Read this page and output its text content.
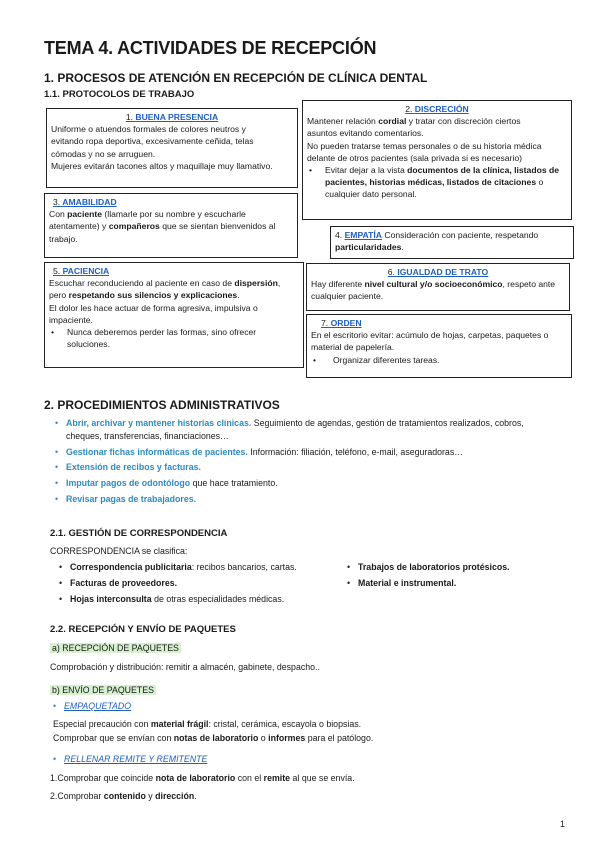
TEMA 4. ACTIVIDADES DE RECEPCIÓN
1. PROCESOS DE ATENCIÓN EN RECEPCIÓN DE CLÍNICA DENTAL
1.1. PROTOCOLOS DE TRABAJO
1. BUENA PRESENCIA
Uniforme o atuendos formales de colores neutros y
evitando ropa deportiva, excesivamente ceñida, telas
cómodas y no se arruguen.
Mujeres evitarán tacones altos y maquillaje muy llamativo.
2. DISCRECIÓN
Mantener relación cordial y tratar con discreción ciertos
asuntos evitando comentarios.
No pueden tratarse temas personales o de su historia médica
delante de otros pacientes (sala privada si es necesario)
• Evitar dejar a la vista documentos de la clínica, listados de pacientes, historias médicas, listados de citaciones o cualquier dato personal.
3. AMABILIDAD
Con paciente (llamarle por su nombre y escucharle atentamente) y compañeros que se sientan bienvenidos al trabajo.	4. EMPATÍA Consideración con paciente, respetando particularidades.
5. PACIENCIA
Escuchar reconduciendo al paciente en caso de dispersión, pero respetando sus silencios y explicaciones.
El dolor les hace actuar de forma agresiva, impulsiva o impaciente.
• Nunca deberemos perder las formas, sino ofrecer soluciones.
6. IGUALDAD DE TRATO
Hay diferente nivel cultural y/o socioeconómico, respeto ante cualquier paciente.
7. ORDEN
En el escritorio evitar: acúmulo de hojas, carpetas, paquetes o material de papelería.
• Organizar diferentes tareas.
2. PROCEDIMIENTOS ADMINISTRATIVOS
• Abrir, archivar y mantener historias clínicas. Seguimiento de agendas, gestión de tratamientos realizados, cobros, cheques, transferencias, financiaciones…
• Gestionar fichas informáticas de pacientes. Información: filiación, teléfono, e-mail, aseguradoras…
• Extensión de recibos y facturas.
• Imputar pagos de odontólogo que hace tratamiento.
• Revisar pagas de trabajadores.
2.1. GESTIÓN DE CORRESPONDENCIA
CORRESPONDENCIA se clasifica:
• Correspondencia publicitaria: recibos bancarios, cartas.
• Facturas de proveedores.
• Hojas interconsulta de otras especialidades médicas.
• Trabajos de laboratorios protésicos.
• Material e instrumental.
2.2. RECEPCIÓN Y ENVÍO DE PAQUETES
a) RECEPCIÓN DE PAQUETES
Comprobación y distribución: remitir a almacén, gabinete, despacho..
b) ENVÍO DE PAQUETES
• EMPAQUETADO
Especial precaución con material frágil: cristal, cerámica, escayola o biopsias.
Comprobar que se envían con notas de laboratorio o informes para el patólogo.
• RELLENAR REMITE Y REMITENTE
1.Comprobar que coincide nota de laboratorio con el remite al que se envía.
2.Comprobar contenido y dirección.
1
